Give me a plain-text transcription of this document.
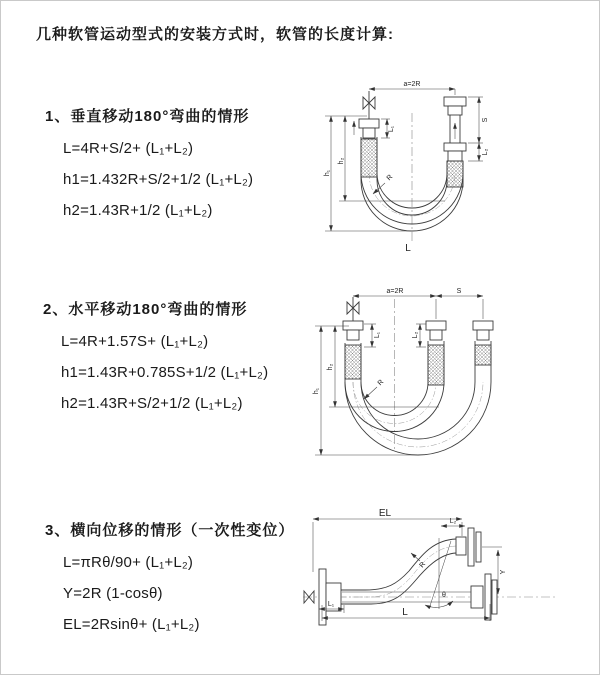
几种软管运动型式的安装方式时，软管的长度计算:
1、垂直移动180°弯曲的情形
L=4R+S/2+ (L₁+L₂)
h1=1.432R+S/2+1/2 (L₁+L₂)
h2=1.43R+1/2 (L₁+L₂)
2、水平移动180°弯曲的情形
L=4R+1.57S+ (L₁+L₂)
h1=1.43R+0.785S+1/2 (L₁+L₂)
h2=1.43R+S/2+1/2 (L₁+L₂)
3、横向位移的情形（一次性变位）
L=πRθ/90+ (L₁+L₂)
Y=2R (1-cosθ)
EL=2Rsinθ+ (L₁+L₂)
a=2R
L₁
S
L₂
h₁
h₂
R
L
a=2R	S
L₁	L₂
h₁
h₂
R
EL
L₂
Y
R
θ
L
L₁
